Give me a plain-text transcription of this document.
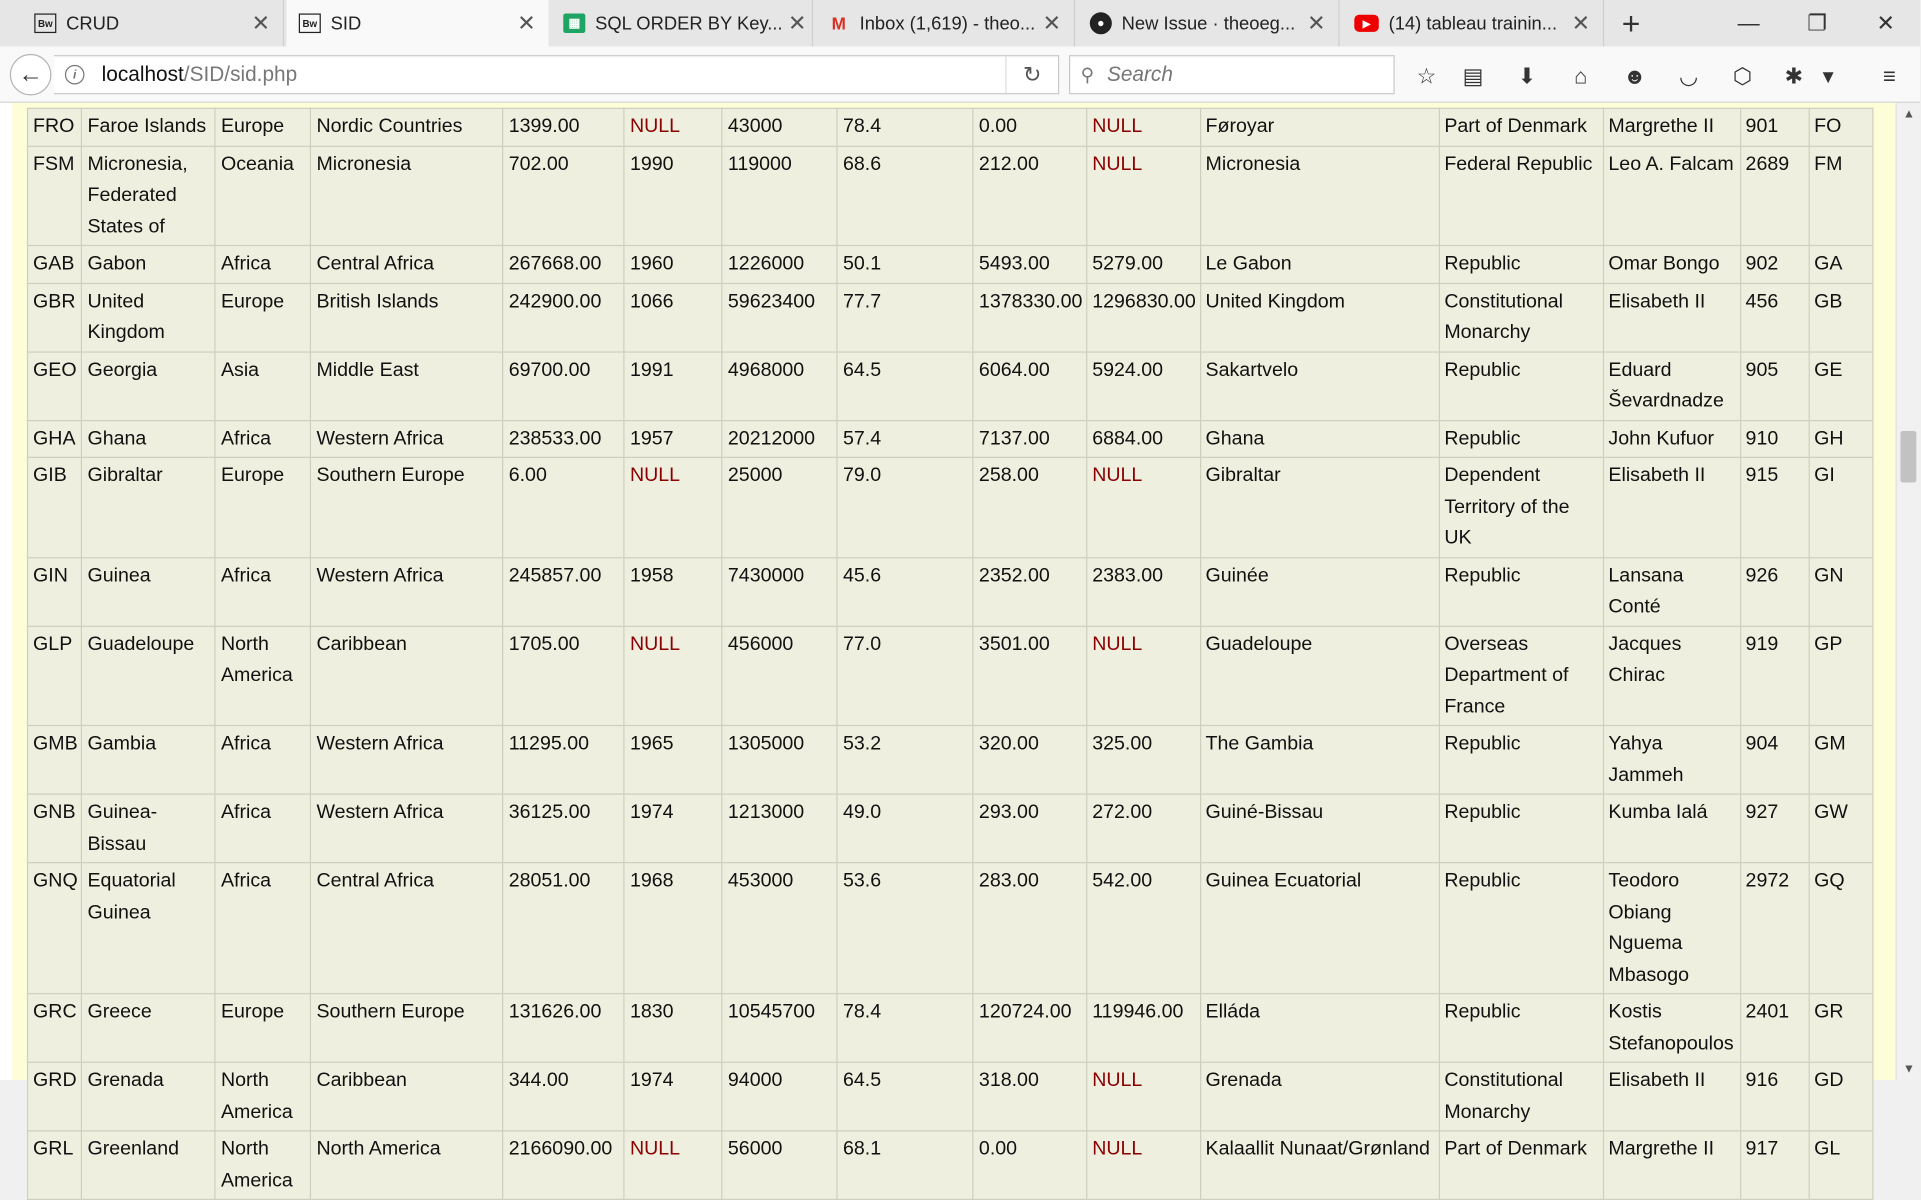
Bw CRUD	✕	Bw SID	✕	▦	SQL ORDER BY Key... ✕	M Inbox (1,619) - theo... ✕	●	New Issue · theoeg... ✕	▶	(14) tableau trainin... ✕ +	—	❐	✕
←	i	localhost/SID/sid.php	↻	⚲
Search	☆ ▤ ⬇ ⌂ ☻ ◡ ⬡ ✱ ▾	≡
FRO	Faroe Islands	Europe	Nordic Countries	1399.00	NULL	43000	78.4	0.00	NULL	Føroyar	Part of Denmark	Margrethe II	901	FO
FSM	Micronesia, Federated States of	Oceania	Micronesia	702.00	1990	119000	68.6	212.00	NULL	Micronesia	Federal Republic	Leo A. Falcam	2689	FM
GAB	Gabon	Africa	Central Africa	267668.00	1960	1226000	50.1	5493.00	5279.00	Le Gabon	Republic	Omar Bongo	902	GA
GBR	United Kingdom	Europe	British Islands	242900.00	1066	59623400	77.7	1378330.00	1296830.00	United Kingdom	Constitutional Monarchy	Elisabeth II	456	GB
GEO	Georgia	Asia	Middle East	69700.00	1991	4968000	64.5	6064.00	5924.00	Sakartvelo	Republic	Eduard Ševardnadze	905	GE
GHA	Ghana	Africa	Western Africa	238533.00	1957	20212000	57.4	7137.00	6884.00	Ghana	Republic	John Kufuor	910	GH
GIB	Gibraltar	Europe	Southern Europe	6.00	NULL	25000	79.0	258.00	NULL	Gibraltar	Dependent Territory of the UK	Elisabeth II	915	GI
GIN	Guinea	Africa	Western Africa	245857.00	1958	7430000	45.6	2352.00	2383.00	Guinée	Republic	Lansana Conté	926	GN
GLP	Guadeloupe	North America	Caribbean	1705.00	NULL	456000	77.0	3501.00	NULL	Guadeloupe	Overseas Department of France	Jacques Chirac	919	GP
GMB	Gambia	Africa	Western Africa	11295.00	1965	1305000	53.2	320.00	325.00	The Gambia	Republic	Yahya Jammeh	904	GM
GNB	Guinea-Bissau	Africa	Western Africa	36125.00	1974	1213000	49.0	293.00	272.00	Guiné-Bissau	Republic	Kumba Ialá	927	GW
GNQ	Equatorial Guinea	Africa	Central Africa	28051.00	1968	453000	53.6	283.00	542.00	Guinea Ecuatorial	Republic	Teodoro Obiang Nguema Mbasogo	2972	GQ
GRC	Greece	Europe	Southern Europe	131626.00	1830	10545700	78.4	120724.00	119946.00	Elláda	Republic	Kostis Stefanopoulos	2401	GR
GRD	Grenada	North America	Caribbean	344.00	1974	94000	64.5	318.00	NULL	Grenada	Constitutional Monarchy	Elisabeth II	916	GD
GRL	Greenland	North America	North America	2166090.00	NULL	56000	68.1	0.00	NULL	Kalaallit Nunaat/Grønland	Part of Denmark	Margrethe II	917	GL
▲
▼
